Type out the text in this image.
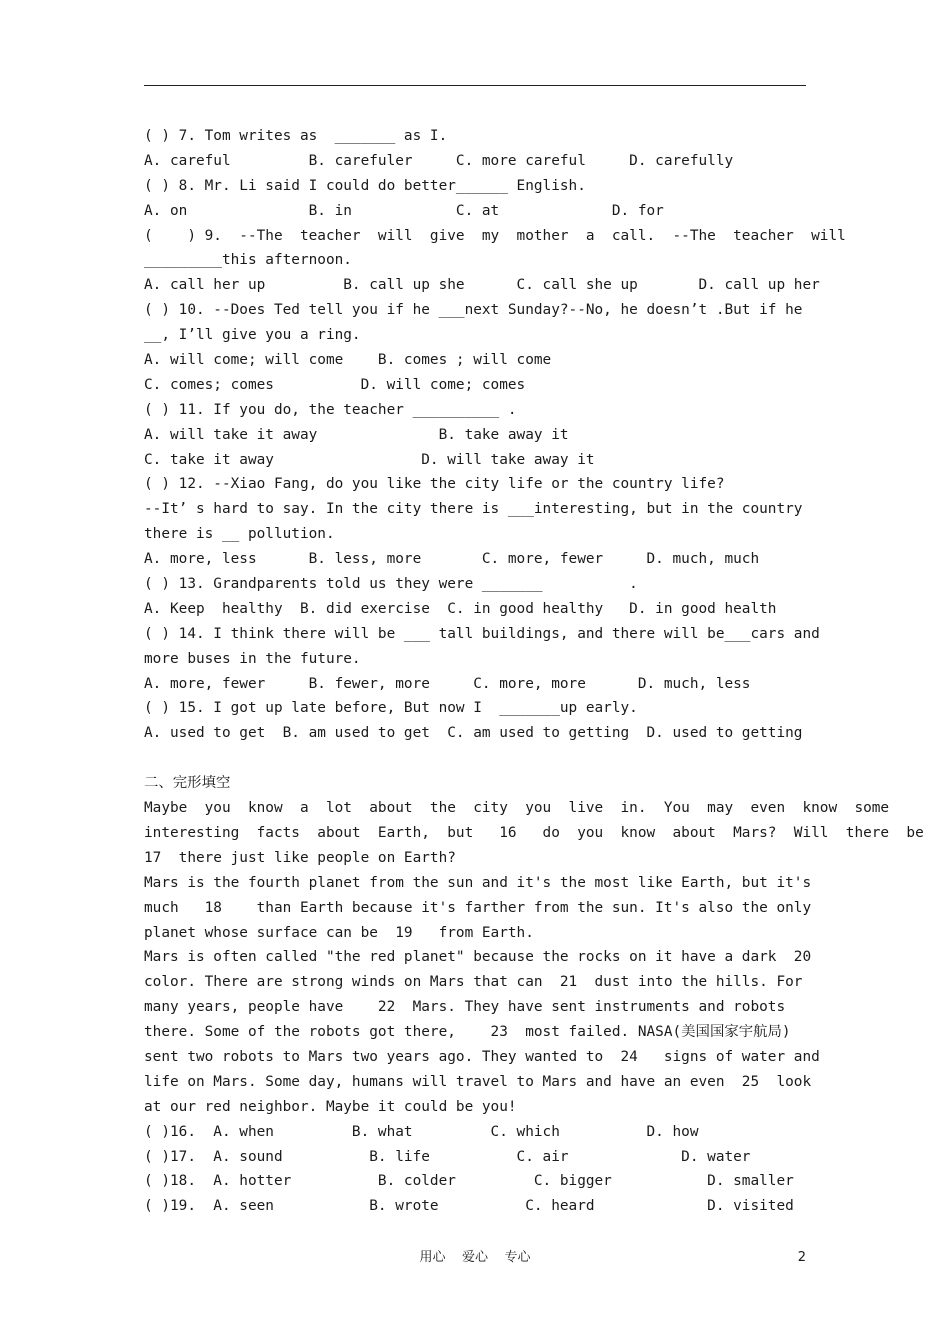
( ) 7. Tom writes as  _______ as I.
A. careful         B. carefuler     C. more careful     D. carefully
( ) 8. Mr. Li said I could do better______ English.
A. on              B. in            C. at             D. for
(    ) 9.  --The  teacher  will  give  my  mother  a  call.  --The  teacher  will
_________this afternoon.
A. call her up         B. call up she      C. call she up       D. call up her
( ) 10. --Does Ted tell you if he ___next Sunday?--No, he doesn’t .But if he
__, I’ll give you a ring.
A. will come; will come    B. comes ; will come
C. comes; comes          D. will come; comes
( ) 11. If you do, the teacher __________ .
A. will take it away              B. take away it
C. take it away                 D. will take away it
( ) 12. --Xiao Fang, do you like the city life or the country life?
--It’ s hard to say. In the city there is ___interesting, but in the country
there is __ pollution.
A. more, less      B. less, more       C. more, fewer     D. much, much
( ) 13. Grandparents told us they were _______          .
A. Keep  healthy  B. did exercise  C. in good healthy   D. in good health
( ) 14. I think there will be ___ tall buildings, and there will be___cars and
more buses in the future.
A. more, fewer     B. fewer, more     C. more, more      D. much, less
( ) 15. I got up late before, But now I  _______up early.
A. used to get  B. am used to get  C. am used to getting  D. used to getting
二、完形填空
Maybe  you  know  a  lot  about  the  city  you  live  in.  You  may  even  know  some
interesting  facts  about  Earth,  but   16   do  you  know  about  Mars?  Will  there  be
17  there just like people on Earth?
Mars is the fourth planet from the sun and it's the most like Earth, but it's
much   18    than Earth because it's farther from the sun. It's also the only
planet whose surface can be  19   from Earth.
Mars is often called "the red planet" because the rocks on it have a dark  20
color. There are strong winds on Mars that can  21  dust into the hills. For
many years, people have    22  Mars. They have sent instruments and robots
there. Some of the robots got there,    23  most failed. NASA(美国国家宇航局)
sent two robots to Mars two years ago. They wanted to  24   signs of water and
life on Mars. Some day, humans will travel to Mars and have an even  25  look
at our red neighbor. Maybe it could be you!
( )16.  A. when         B. what         C. which          D. how
( )17.  A. sound          B. life          C. air             D. water
( )18.  A. hotter          B. colder         C. bigger           D. smaller
( )19.  A. seen           B. wrote          C. heard             D. visited
用心    爱心    专心	2
